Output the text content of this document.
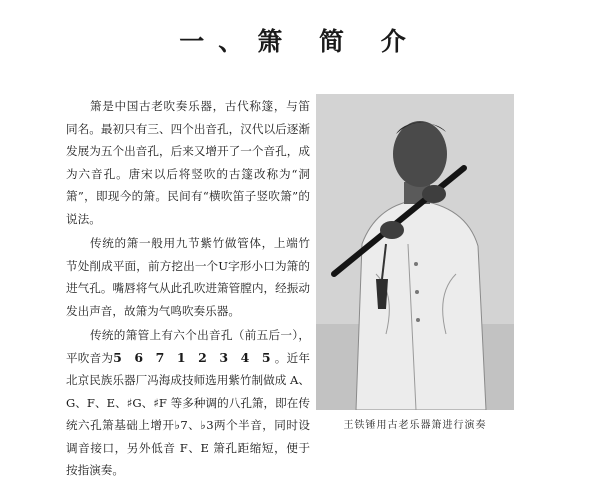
一、箫 简 介

箫是中国古老吹奏乐器，古代称篴，与笛同名。最初只有三、四个出音孔，汉代以后逐渐发展为五个出音孔，后来又增开了一个音孔，成为六音孔。唐宋以后将竖吹的古篴改称为“洞箫”，即现今的箫。民间有“横吹笛子竖吹箫”的说法。

传统的箫一般用九节紫竹做管体，上端竹节处削成平面，前方挖出一个U字形小口为箫的进气孔。嘴唇将气从此孔吹进箫管膛内，经振动发出声音，故箫为气鸣吹奏乐器。

传统的箫管上有六个出音孔（前五后一），平吹音为5 6 7 1 2 3 4 5。近年北京民族乐器厂冯海成技师选用紫竹制做成 A、G、F、E、♯G、♯F 等多种调的八孔箫，即在传统六孔箫基础上增开♭7、♭3两个半音，同时设调音接口，另外低音 F、E 箫孔距缩短，便于按指演奏。

王铁锤用古老乐器箫进行演奏
